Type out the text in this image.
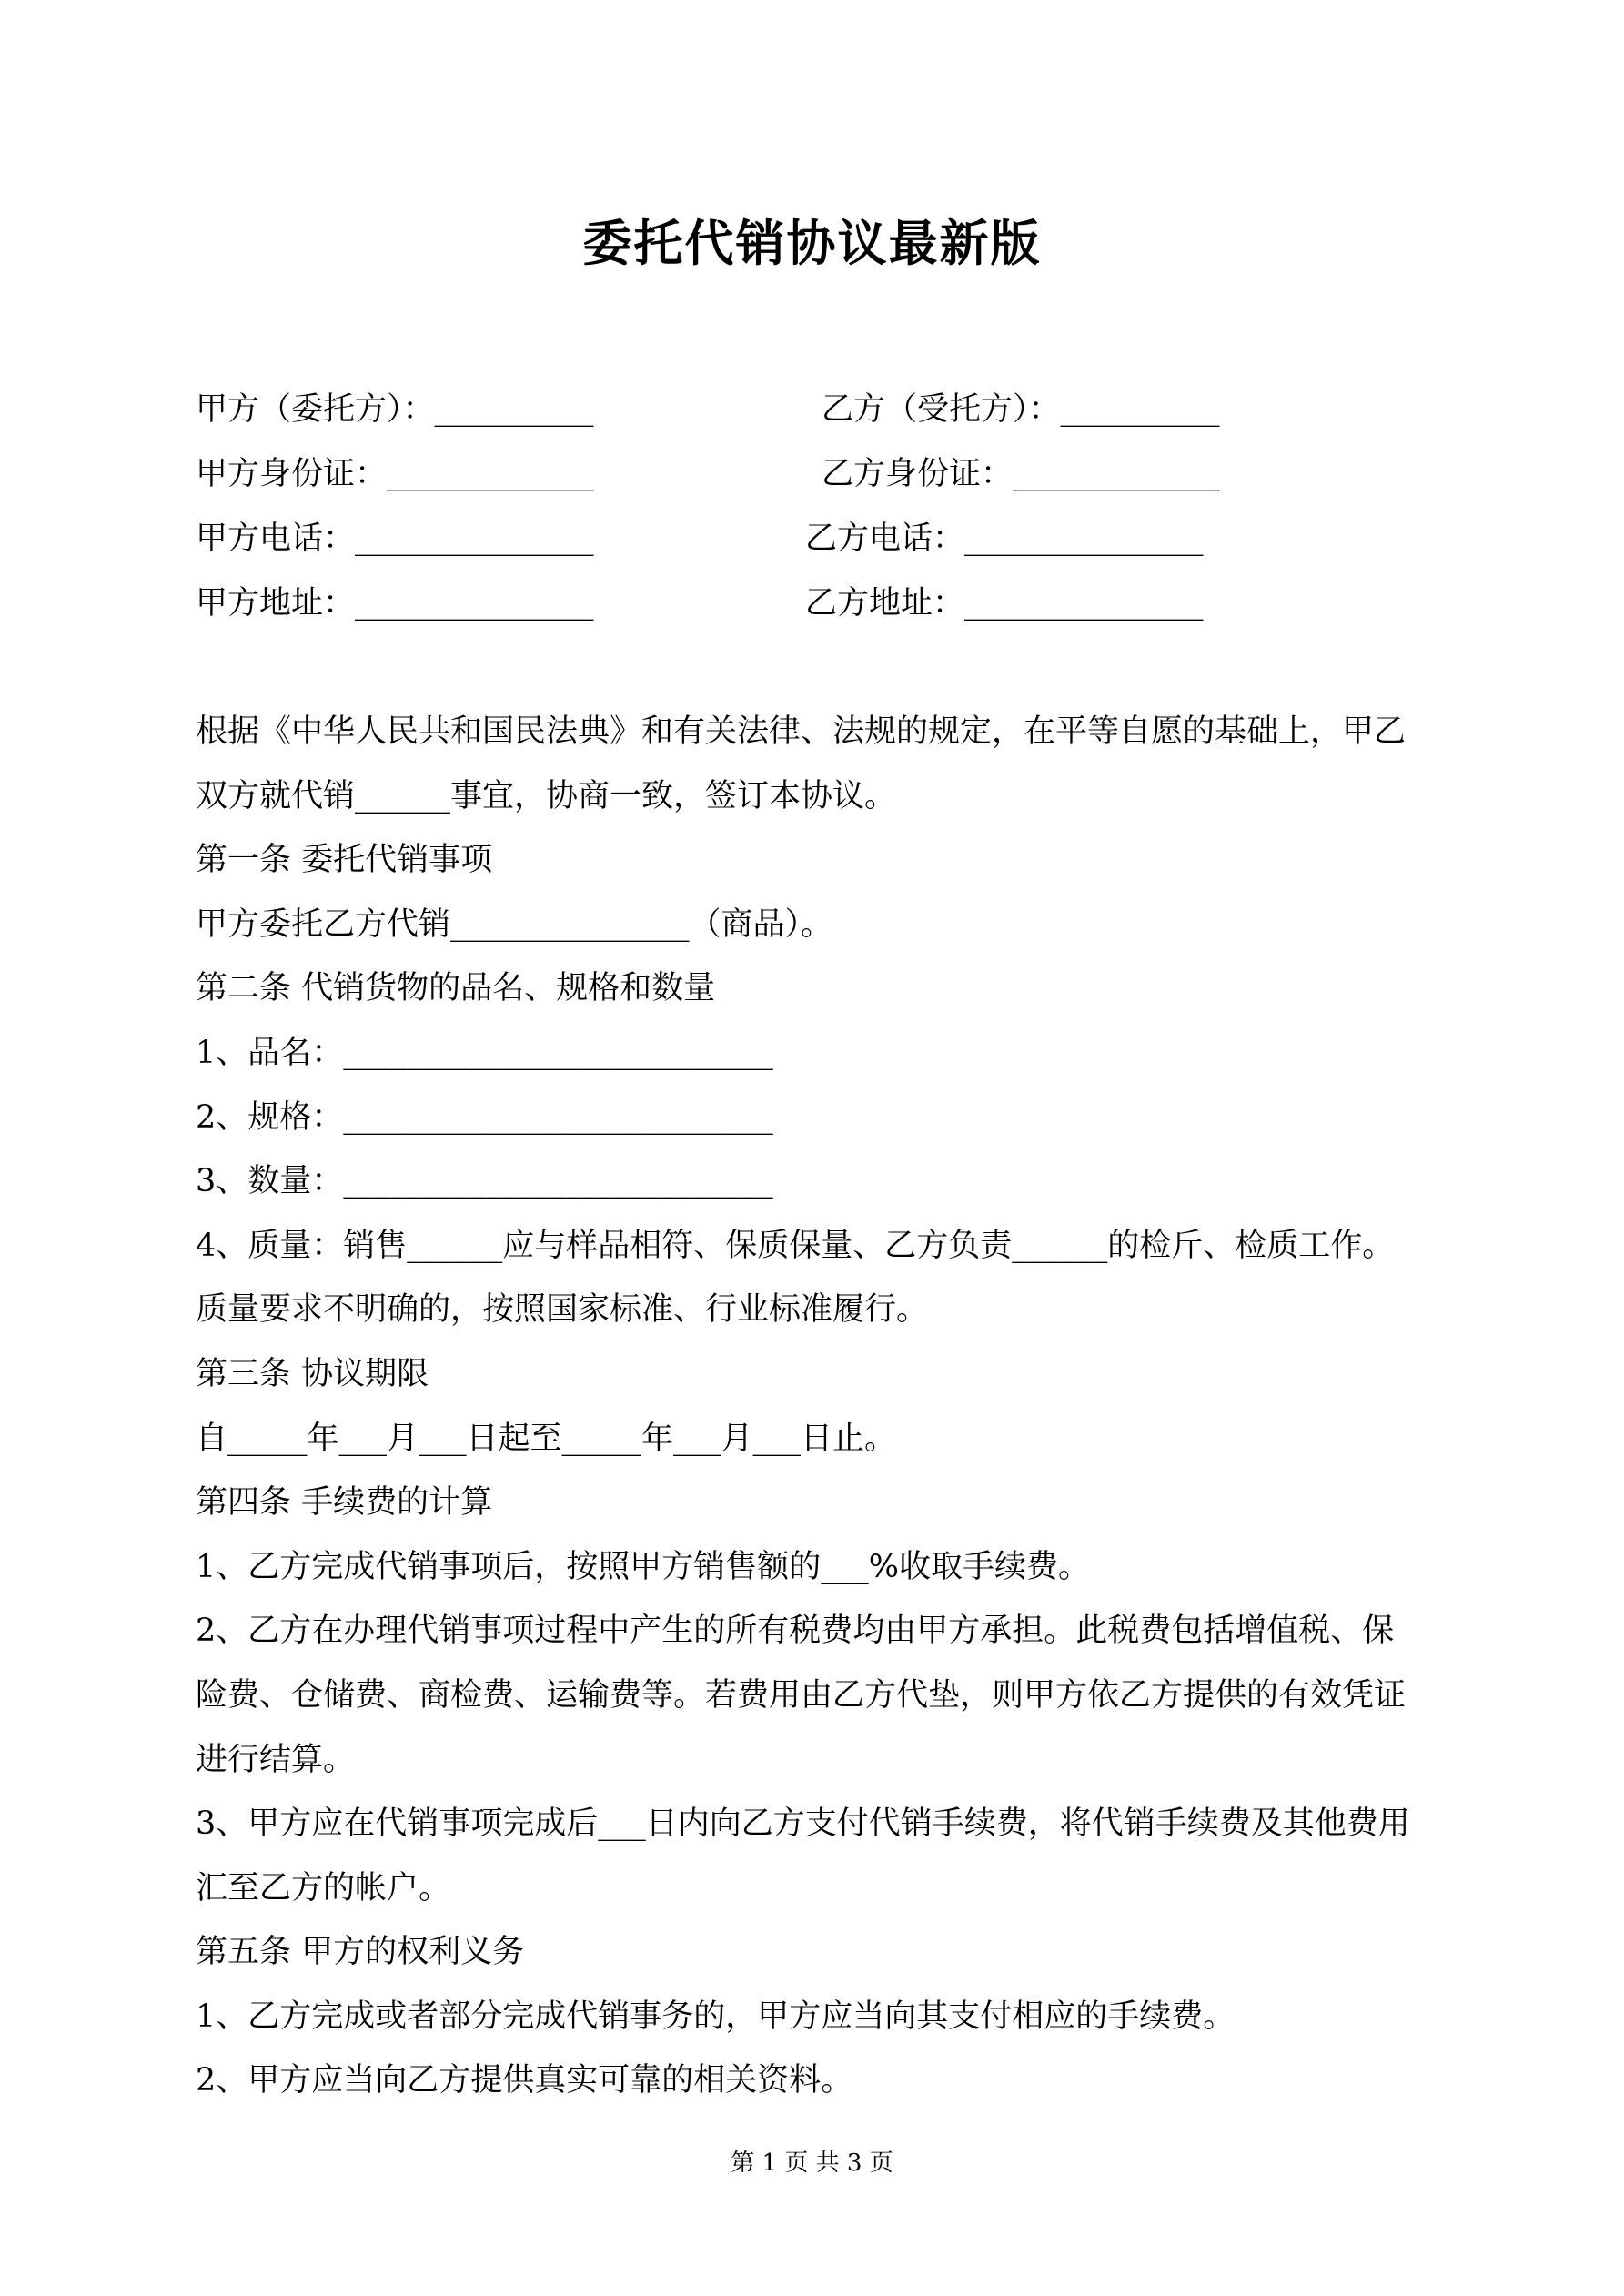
委托代销协议最新版
甲方（委托方）：__________
甲方身份证：_____________
甲方电话：_______________
甲方地址：_______________
乙方（受托方）：__________
乙方身份证：_____________
乙方电话：_______________
乙方地址：_______________
根据《中华人民共和国民法典》和有关法律、法规的规定，在平等自愿的基础上，甲乙
双方就代销______事宜，协商一致，签订本协议。
第一条 委托代销事项
甲方委托乙方代销_______________（商品）。
第二条 代销货物的品名、规格和数量
1、品名：___________________________
2、规格：___________________________
3、数量：___________________________
4、质量：销售______应与样品相符、保质保量、乙方负责______的检斤、检质工作。
质量要求不明确的，按照国家标准、行业标准履行。
第三条 协议期限
自_____年___月___日起至_____年___月___日止。
第四条 手续费的计算
1、乙方完成代销事项后，按照甲方销售额的___%收取手续费。
2、乙方在办理代销事项过程中产生的所有税费均由甲方承担。此税费包括增值税、保
险费、仓储费、商检费、运输费等。若费用由乙方代垫，则甲方依乙方提供的有效凭证
进行结算。
3、甲方应在代销事项完成后___日内向乙方支付代销手续费，将代销手续费及其他费用
汇至乙方的帐户。
第五条 甲方的权利义务
1、乙方完成或者部分完成代销事务的，甲方应当向其支付相应的手续费。
2、甲方应当向乙方提供真实可靠的相关资料。
第 1 页 共 3 页
